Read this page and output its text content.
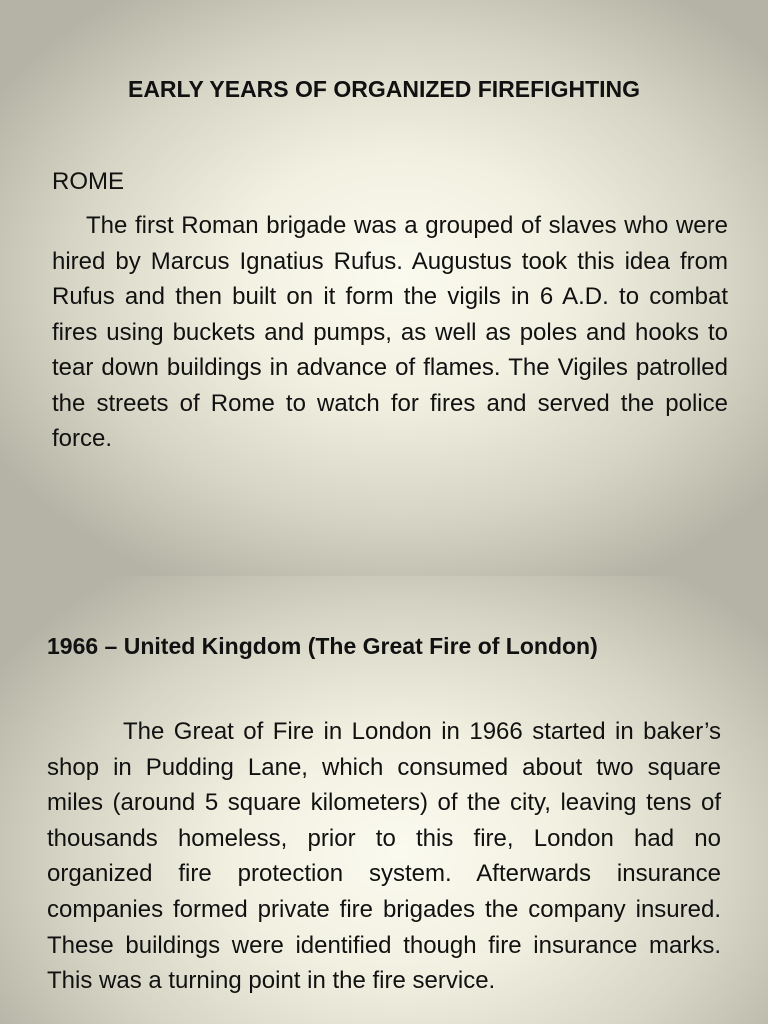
EARLY YEARS OF ORGANIZED FIREFIGHTING
ROME

The first Roman brigade was a grouped of slaves who were hired by Marcus Ignatius Rufus. Augustus took this idea from Rufus and then built on it form the vigils in 6 A.D. to combat fires using buckets and pumps, as well as poles and hooks to tear down buildings in advance of flames. The Vigiles patrolled the streets of Rome to watch for fires and served the police force.

1966 – United Kingdom (The Great Fire of London)

The Great of Fire in London in 1966 started in baker’s shop in Pudding Lane, which consumed about two square miles (around 5 square kilometers) of the city, leaving tens of thousands homeless, prior to this fire, London had no organized fire protection system. Afterwards insurance companies formed private fire brigades the company insured. These buildings were identified though fire insurance marks. This was a turning point in the fire service.
